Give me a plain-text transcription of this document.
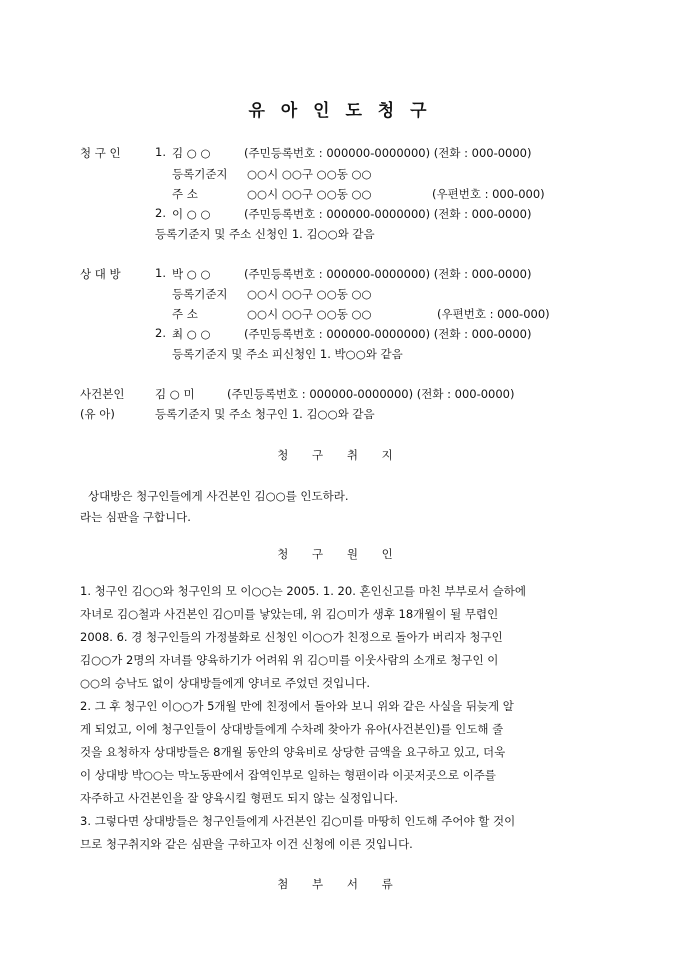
유 아 인 도 청 구
청 구 인	1. 김 ○ ○	(주민등록번호 : 000000-0000000) (전화 : 000-0000)
등록기준지 ○○시 ○○구 ○○동 ○○
주 소	○○시 ○○구 ○○동 ○○	(우편번호 : 000-000)
2. 이 ○ ○	(주민등록번호 : 000000-0000000) (전화 : 000-0000)
등록기준지 및 주소 신청인 1. 김○○와 같음
상 대 방	1. 박 ○ ○	(주민등록번호 : 000000-0000000) (전화 : 000-0000)
등록기준지 ○○시 ○○구 ○○동 ○○
주 소	○○시 ○○구 ○○동 ○○	(우편번호 : 000-000)
2. 최 ○ ○	(주민등록번호 : 000000-0000000) (전화 : 000-0000)
등록기준지 및 주소 피신청인 1. 박○○와 같음
사건본인	김 ○ 미	(주민등록번호 : 000000-0000000) (전화 : 000-0000)
(유 아)	등록기준지 및 주소 청구인 1. 김○○와 같음
청 구 취 지
상대방은 청구인들에게 사건본인 김○○를 인도하라.
라는 심판을 구합니다.
청 구 원 인
1. 청구인 김○○와 청구인의 모 이○○는 2005. 1. 20. 혼인신고를 마친 부부로서 슬하에
자녀로 김○철과 사건본인 김○미를 낳았는데, 위 김○미가 생후 18개월이 될 무렵인
2008. 6. 경 청구인들의 가정불화로 신청인 이○○가 친정으로 돌아가 버리자 청구인
김○○가 2명의 자녀를 양육하기가 어려워 위 김○미를 이웃사람의 소개로 청구인 이
○○의 승낙도 없이 상대방들에게 양녀로 주었던 것입니다.
2. 그 후 청구인 이○○가 5개월 만에 친정에서 돌아와 보니 위와 같은 사실을 뒤늦게 알
게 되었고, 이에 청구인들이 상대방들에게 수차례 찾아가 유아(사건본인)를 인도해 줄
것을 요청하자 상대방들은 8개월 동안의 양육비로 상당한 금액을 요구하고 있고, 더욱
이 상대방 박○○는 막노동판에서 잡역인부로 일하는 형편이라 이곳저곳으로 이주를
자주하고 사건본인을 잘 양육시킬 형편도 되지 않는 실정입니다.
3. 그렇다면 상대방들은 청구인들에게 사건본인 김○미를 마땅히 인도해 주어야 할 것이
므로 청구취지와 같은 심판을 구하고자 이건 신청에 이른 것입니다.
첨 부 서 류
